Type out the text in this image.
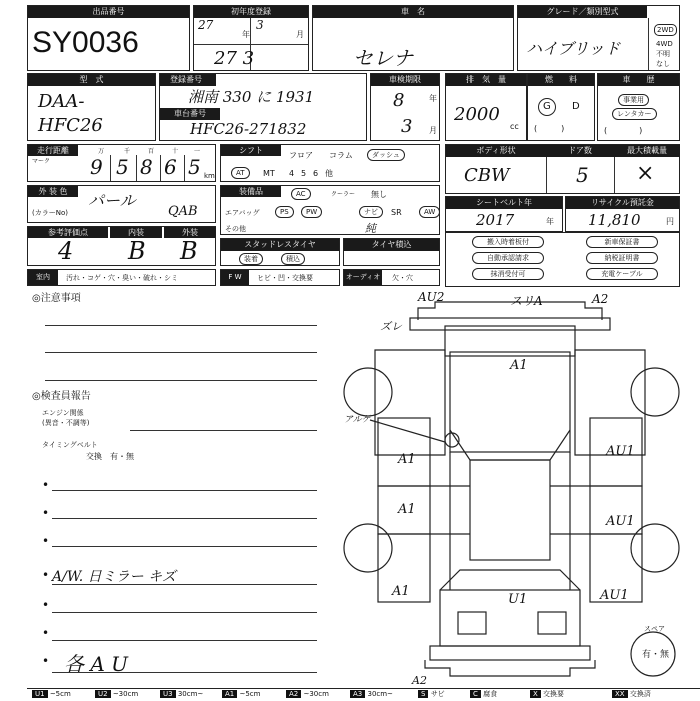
出品番号
SY0036
初年度登録
27
年
3
月
27 3
車　名
セレナ
グレード／類別型式
ハイブリッド
2WD
4WD
不明
なし
型　式
DAA-HFC26
登録番号
湘南 330 に 1931
車台番号
HFC26-271832
車検期限
8	年
3 月
排　気　量
2000
cc
燃　　料
G D
(　　　)
車　　歴
事業用
レンタカー
(　　　　)
走行距離
マーク
万	千	百	十	一
9 5 8 6 5 km
シフト
フロア コラム	ダッシュ
AT	MT 4 5 6 他
ボディ形状	ドア数	最大積載量
CBW	5 ×
外 装 色	パール
(カラーNo)	QAB
装備品	AC	クーラー 無し
エアバッグ	PS	PW	ナビ	SR	AW
その他	純
シートベルト年
2017	年
リサイクル預託金
11,810	円
参考評価点	内装	外装
4 B B	スタッドレスタイヤ
装着	積込
タイヤ積込	搬入時着板付
自動承認請求
抹消受付可
新車保証書
納税証明書
充電ケーブル
室内	汚れ・コゲ・穴・臭い・破れ・シミ	F W	ヒビ・凹・交換要	オーディオ 欠・穴
◎注意事項
◎検査員報告
エンジン関係
(異音・不調等)
タイミングベルト
交換　有・無
•
•
•
• A/W. 日ミラー キズ
•
•
• 各 A U
AU2	スリA	A2
ズレ
A1
アルゲ
A1
A1
A1
AU1
AU1
AU1
U1
A2
スペア
有・無
U1 ~5cm	U2 ~30cm	U3 30cm~	A1 ~5cm	A2 ~30cm	A3 30cm~	S サビ	C 腐食	X 交換要	XX 交換済
